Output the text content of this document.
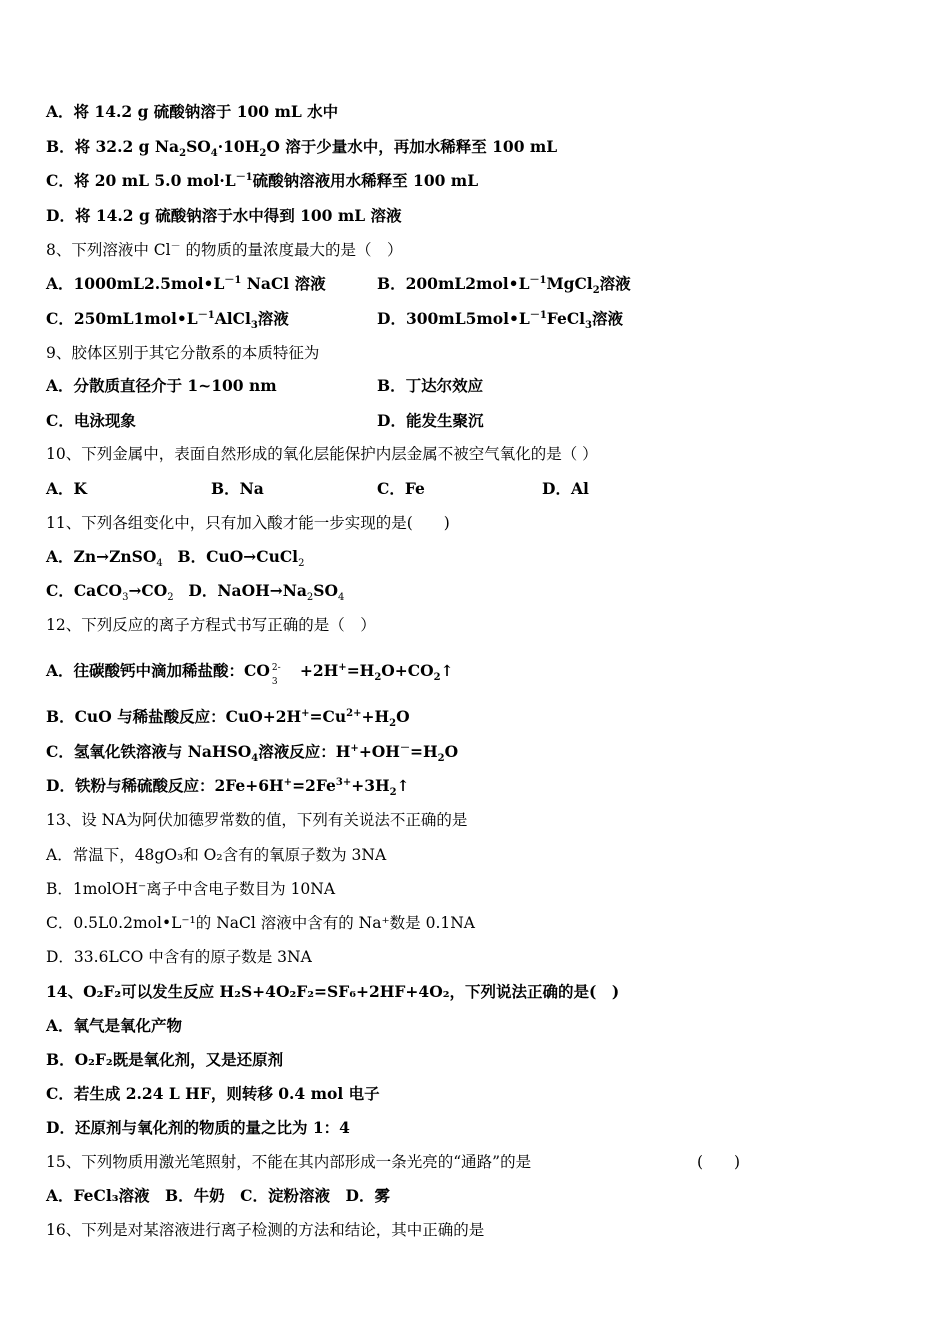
A．将 14.2 g 硫酸钠溶于 100 mL 水中
B．将 32.2 g $Na_2SO_4\cdot 10H_2O$ 溶于少量水中，再加水稀释至 100 mL
C．将 20 mL 5.0 $mol\cdot L^{-1}$硫酸钠溶液用水稀释至 100 mL
D．将 14.2 g 硫酸钠溶于水中得到 100 mL 溶液
8、下列溶液中 Cl－ 的物质的量浓度最大的是（　）
A．$1000mL2.5mol•L^{-1}$ NaCl 溶液	B．$200mL2mol•L^{-1}MgCl_2$溶液
C．$250mL1mol•L^{-1}AlCl_3$溶液	D．$300mL5mol•L^{-1}FeCl_3$溶液
9、胶体区别于其它分散系的本质特征为
A．分散质直径介于 1~100 nm	B．丁达尔效应
C．电泳现象	D．能发生聚沉
10、下列金属中，表面自然形成的氧化层能保护内层金属不被空气氧化的是（ ）
A．K	B．Na	C．Fe	D．Al
11、下列各组变化中，只有加入酸才能一步实现的是(　　)
A．Zn→ZnSO$_4$ B．CuO→CuCl$_2$
C．$CaCO_3\to CO_2$ D．$NaOH\to Na_2SO_4$
12、下列反应的离子方程式书写正确的是（　）
A．往碳酸钙中滴加稀盐酸：CO 2-
3
$+2H^+=H_2O+CO_2↑$
B．CuO 与稀盐酸反应：$CuO+2H^+=Cu^{2+}+H_2O$
C．氢氧化铁溶液与 NaHSO$_4$溶液反应：$H^++OH^-=H_2O$
D．铁粉与稀硫酸反应：$2Fe+6H^+=2Fe^{3+}+3H_2↑$
13、设 NA为阿伏加德罗常数的值，下列有关说法不正确的是
A．常温下，48gO₃和 O₂含有的氧原子数为 3NA
B．1molOH⁻离子中含电子数目为 10NA
C．0.5L0.2mol•L⁻¹的 NaCl 溶液中含有的 Na⁺数是 0.1NA
D．33.6LCO 中含有的原子数是 3NA
14、O₂F₂可以发生反应 H₂S+4O₂F₂=SF₆+2HF+4O₂，下列说法正确的是(　)
A．氧气是氧化产物
B．O₂F₂既是氧化剂，又是还原剂
C．若生成 2.24 L HF，则转移 0.4 mol 电子
D．还原剂与氧化剂的物质的量之比为 1：4
15、下列物质用激光笔照射，不能在其内部形成一条光亮的“通路”的是	(　　)
A．FeCl₃溶液　B．牛奶　C．淀粉溶液　D．雾
16、下列是对某溶液进行离子检测的方法和结论，其中正确的是
